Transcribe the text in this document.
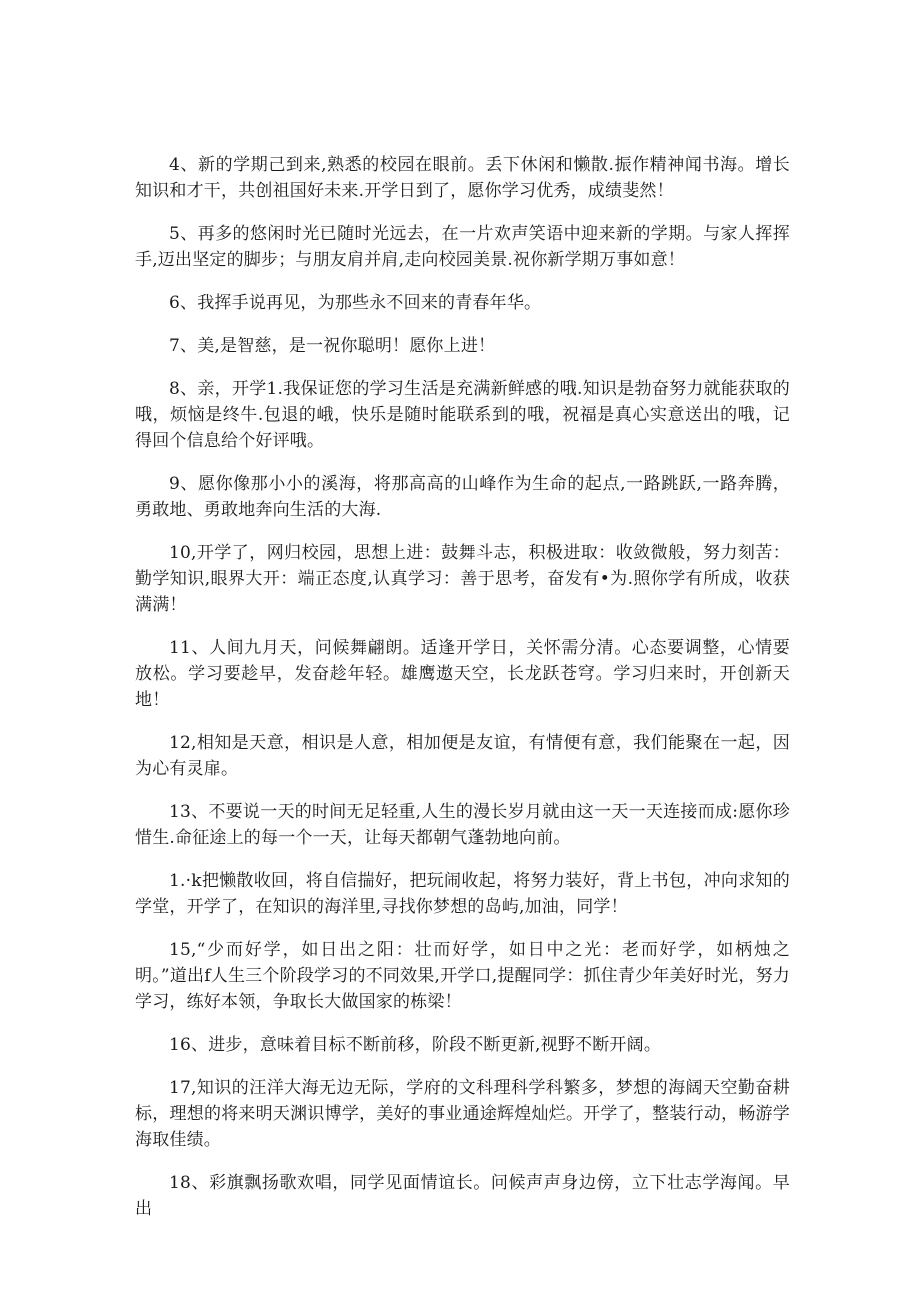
4、新的学期己到来,熟悉的校园在眼前。丢下休闲和懒散.振作精神闻书海。增长知识和才干，共创祖国好未来.开学日到了，愿你学习优秀，成绩斐然！

5、再多的悠闲时光已随时光远去，在一片欢声笑语中迎来新的学期。与家人挥挥手,迈出坚定的脚步；与朋友肩并肩,走向校园美景.祝你新学期万事如意！

6、我挥手说再见，为那些永不回来的青春年华。

7、美,是智慈，是一祝你聪明！愿你上进！

8、亲，开学1.我保证您的学习生活是充满新鲜感的哦.知识是勃奋努力就能获取的哦，烦恼是终牛.包退的峨，快乐是随时能联系到的哦，祝福是真心实意送出的哦，记得回个信息给个好评哦。

9、愿你像那小小的溪海，将那高高的山峰作为生命的起点,一路跳跃,一路奔腾，勇敢地、勇敢地奔向生活的大海.

10,开学了，网归校园，思想上进：鼓舞斗志，积极进取：收敛微般，努力刻苦：勤学知识,眼界大开：端正态度,认真学习：善于思考，奋发有•为.照你学有所成，收获满满！

11、人间九月天，问候舞翩朗。适逢开学日，关怀需分清。心态要调整，心情要放松。学习要趁早，发奋趁年轻。雄鹰遨天空，长龙跃苍穹。学习归来时，开创新天地！

12,相知是天意，相识是人意，相加便是友谊，有情便有意，我们能聚在一起，因为心有灵扉。

13、不要说一天的时间无足轻重,人生的漫长岁月就由这一天一天连接而成:愿你珍惜生.命征途上的每一个一天，让每天都朝气蓬勃地向前。

1.·k把懒散收回，将自信揣好，把玩闹收起，将努力装好，背上书包，冲向求知的学堂，开学了，在知识的海洋里,寻找你梦想的岛屿,加油，同学！

15,“少而好学，如日出之阳：壮而好学，如日中之光：老而好学，如柄烛之明。”道出f人生三个阶段学习的不同效果,开学口,提醒同学：抓住青少年美好时光，努力学习，练好本领，争取长大做国家的栋梁！

16、进步，意味着目标不断前移，阶段不断更新,视野不断开阔。

17,知识的汪洋大海无边无际，学府的文科理科学科繁多，梦想的海阔天空勤奋耕标，理想的将来明天渊识博学，美好的事业通途辉煌灿烂。开学了，整装行动，畅游学海取佳绩。

18、彩旗飘扬歌欢唱，同学见面情谊长。问候声声身边傍，立下壮志学海闻。早出
